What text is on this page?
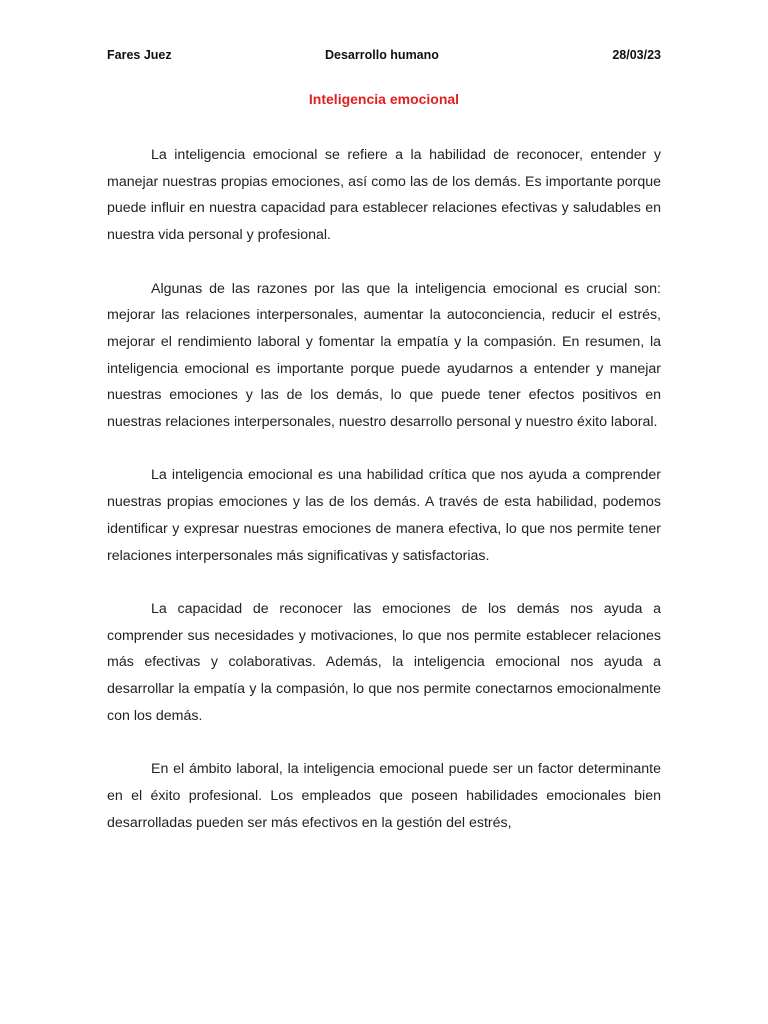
Fares Juez	Desarrollo humano	28/03/23
Inteligencia emocional

La inteligencia emocional se refiere a la habilidad de reconocer, entender y manejar nuestras propias emociones, así como las de los demás. Es importante porque puede influir en nuestra capacidad para establecer relaciones efectivas y saludables en nuestra vida personal y profesional.

Algunas de las razones por las que la inteligencia emocional es crucial son: mejorar las relaciones interpersonales, aumentar la autoconciencia, reducir el estrés, mejorar el rendimiento laboral y fomentar la empatía y la compasión. En resumen, la inteligencia emocional es importante porque puede ayudarnos a entender y manejar nuestras emociones y las de los demás, lo que puede tener efectos positivos en nuestras relaciones interpersonales, nuestro desarrollo personal y nuestro éxito laboral.

La inteligencia emocional es una habilidad crítica que nos ayuda a comprender nuestras propias emociones y las de los demás. A través de esta habilidad, podemos identificar y expresar nuestras emociones de manera efectiva, lo que nos permite tener relaciones interpersonales más significativas y satisfactorias.

La capacidad de reconocer las emociones de los demás nos ayuda a comprender sus necesidades y motivaciones, lo que nos permite establecer relaciones más efectivas y colaborativas. Además, la inteligencia emocional nos ayuda a desarrollar la empatía y la compasión, lo que nos permite conectarnos emocionalmente con los demás.

En el ámbito laboral, la inteligencia emocional puede ser un factor determinante en el éxito profesional. Los empleados que poseen habilidades emocionales bien desarrolladas pueden ser más efectivos en la gestión del estrés,
